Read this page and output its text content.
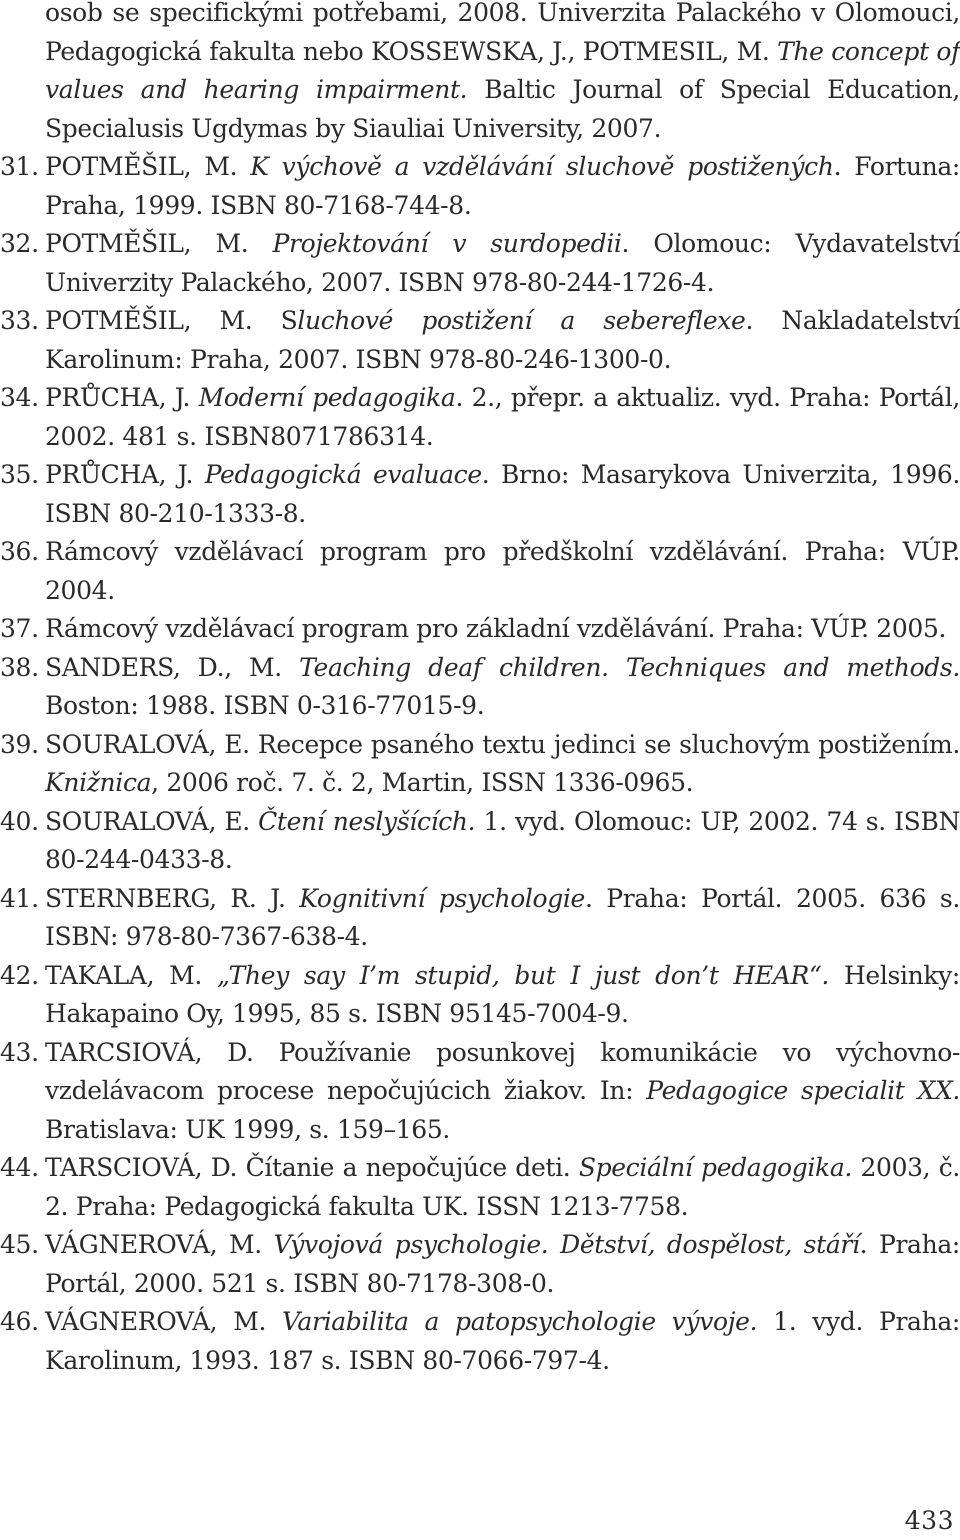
osob se specifickými potřebami, 2008. Univerzita Palackého v Olomouci, Pedagogická fakulta nebo KOSSEWSKA, J., POTMESIL, M. The concept of values and hearing impairment. Baltic Journal of Special Education, Specialusis Ugdymas by Siauliai University, 2007.
31. POTMĚŠIL, M. K výchově a vzdělávání sluchově postižených. Fortuna: Praha, 1999. ISBN 80-7168-744-8.
32. POTMĚŠIL, M. Projektování v surdopedii. Olomouc: Vydavatelství Univerzity Palackého, 2007. ISBN 978-80-244-1726-4.
33. POTMĚŠIL, M. Sluchové postižení a sebereflexe. Nakladatelství Karolinum: Praha, 2007. ISBN 978-80-246-1300-0.
34. PRŮCHA, J. Moderní pedagogika. 2., přepr. a aktualiz. vyd. Praha: Portál, 2002. 481 s. ISBN8071786314.
35. PRŮCHA, J. Pedagogická evaluace. Brno: Masarykova Univerzita, 1996. ISBN 80-210-1333-8.
36. Rámcový vzdělávací program pro předškolní vzdělávání. Praha: VÚP. 2004.
37. Rámcový vzdělávací program pro základní vzdělávání. Praha: VÚP. 2005.
38. SANDERS, D., M. Teaching deaf children. Techniques and methods. Boston: 1988. ISBN 0-316-77015-9.
39. SOURALOVÁ, E. Recepce psaného textu jedinci se sluchovým postižením. Knižnica, 2006 roč. 7. č. 2, Martin, ISSN 1336-0965.
40. SOURALOVÁ, E. Čtení neslyšících. 1. vyd. Olomouc: UP, 2002. 74 s. ISBN 80-244-0433-8.
41. STERNBERG, R. J. Kognitivní psychologie. Praha: Portál. 2005. 636 s. ISBN: 978-80-7367-638-4.
42. TAKALA, M. „They say I’m stupid, but I just don’t HEAR“. Helsinky: Hakapaino Oy, 1995, 85 s. ISBN 95145-7004-9.
43. TARCSIOVÁ, D. Používanie posunkovej komunikácie vo výchovno-vzdelávacom procese nepočujúcich žiakov. In: Pedagogice specialit XX. Bratislava: UK 1999, s. 159–165.
44. TARSCIOVÁ, D. Čítanie a nepočujúce deti. Speciální pedagogika. 2003, č. 2. Praha: Pedagogická fakulta UK. ISSN 1213-7758.
45. VÁGNEROVÁ, M. Vývojová psychologie. Dětství, dospělost, stáří. Praha: Portál, 2000. 521 s. ISBN 80-7178-308-0.
46. VÁGNEROVÁ, M. Variabilita a patopsychologie vývoje. 1. vyd. Praha: Karolinum, 1993. 187 s. ISBN 80-7066-797-4.
433
